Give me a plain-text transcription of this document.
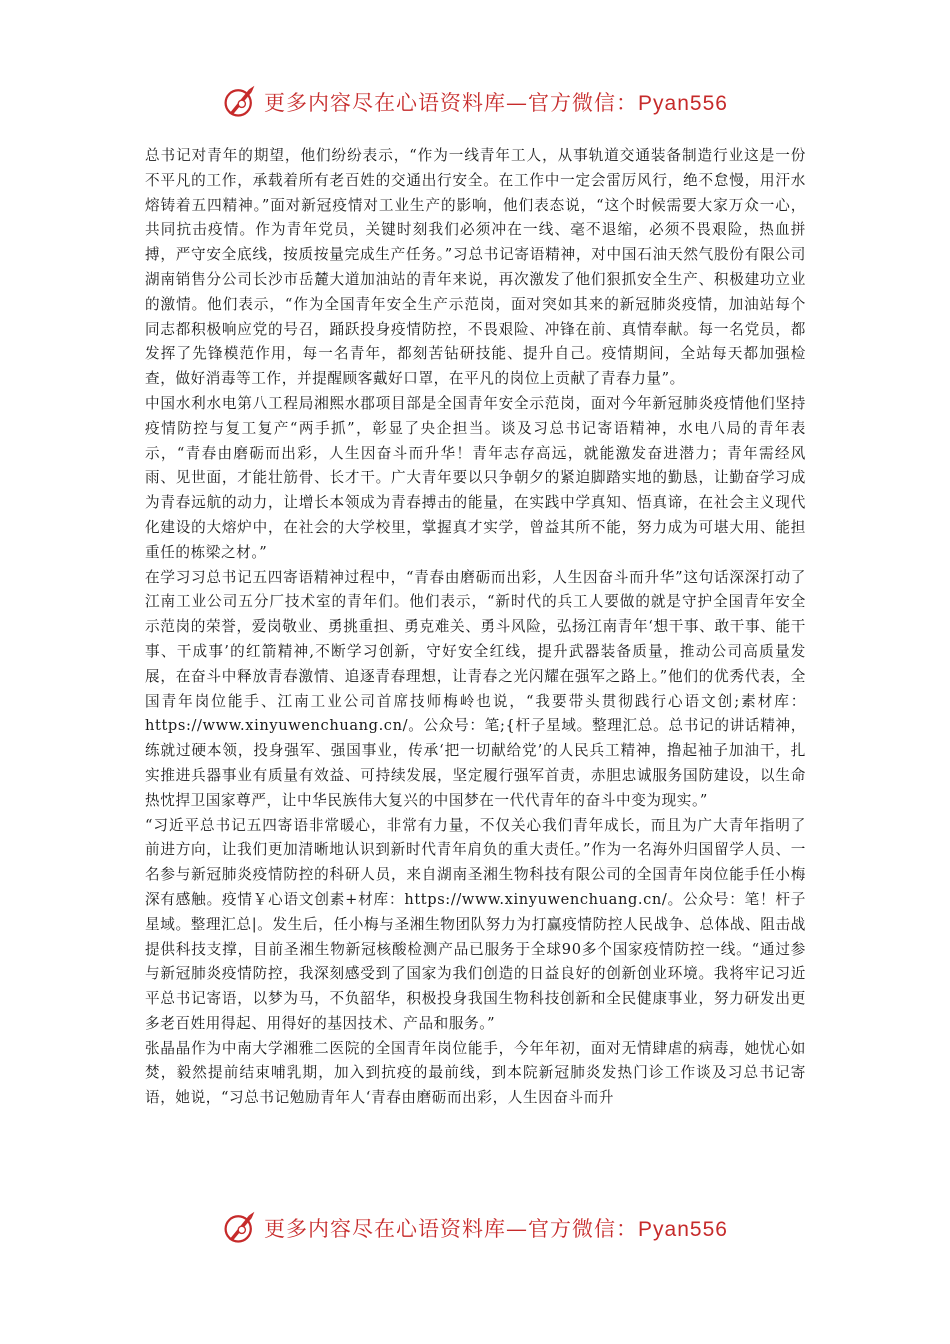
更多内容尽在心语资料库—官方微信：Pyan556

总书记对青年的期望，他们纷纷表示，“作为一线青年工人，从事轨道交通装备制造行业这是一份不平凡的工作，承载着所有老百姓的交通出行安全。在工作中一定会雷厉风行，绝不怠慢，用汗水熔铸着五四精神。”面对新冠疫情对工业生产的影响，他们表态说，“这个时候需要大家万众一心，共同抗击疫情。作为青年党员，关键时刻我们必须冲在一线、毫不退缩，必须不畏艰险，热血拼搏，严守安全底线，按质按量完成生产任务。”习总书记寄语精神，对中国石油天然气股份有限公司湖南销售分公司长沙市岳麓大道加油站的青年来说，再次激发了他们狠抓安全生产、积极建功立业的激情。他们表示，“作为全国青年安全生产示范岗，面对突如其来的新冠肺炎疫情，加油站每个同志都积极响应党的号召，踊跃投身疫情防控，不畏艰险、冲锋在前、真情奉献。每一名党员，都发挥了先锋模范作用，每一名青年，都刻苦钻研技能、提升自己。疫情期间，全站每天都加强检查，做好消毒等工作，并提醒顾客戴好口罩，在平凡的岗位上贡献了青春力量”。

中国水利水电第八工程局湘熙水郡项目部是全国青年安全示范岗，面对今年新冠肺炎疫情他们坚持疫情防控与复工复产“两手抓”，彰显了央企担当。谈及习总书记寄语精神，水电八局的青年表示，“青春由磨砺而出彩，人生因奋斗而升华！青年志存高远，就能激发奋进潜力；青年需经风雨、见世面，才能壮筋骨、长才干。广大青年要以只争朝夕的紧迫脚踏实地的勤恳，让勤奋学习成为青春远航的动力，让增长本领成为青春搏击的能量，在实践中学真知、悟真谛，在社会主义现代化建设的大熔炉中，在社会的大学校里，掌握真才实学，曾益其所不能，努力成为可堪大用、能担重任的栋梁之材。”

在学习习总书记五四寄语精神过程中，“青春由磨砺而出彩，人生因奋斗而升华”这句话深深打动了江南工业公司五分厂技术室的青年们。他们表示，“新时代的兵工人要做的就是守护全国青年安全示范岗的荣誉，爱岗敬业、勇挑重担、勇克难关、勇斗风险，弘扬江南青年‘想干事、敢干事、能干事、干成事’的红箭精神,不断学习创新，守好安全红线，提升武器装备质量，推动公司高质量发展，在奋斗中释放青春激情、追逐青春理想，让青春之光闪耀在强军之路上。”他们的优秀代表，全国青年岗位能手、江南工业公司首席技师梅岭也说，“我要带头贯彻践行心语文创;素材库：https://www.xinyuwenchuang.cn/。公众号：笔;{杆子星域。整理汇总。总书记的讲话精神，练就过硬本领，投身强军、强国事业，传承‘把一切献给党’的人民兵工精神，撸起袖子加油干，扎实推进兵器事业有质量有效益、可持续发展，坚定履行强军首责，赤胆忠诚服务国防建设，以生命热忱捍卫国家尊严，让中华民族伟大复兴的中国梦在一代代青年的奋斗中变为现实。”

“习近平总书记五四寄语非常暖心，非常有力量，不仅关心我们青年成长，而且为广大青年指明了前进方向，让我们更加清晰地认识到新时代青年肩负的重大责任。”作为一名海外归国留学人员、一名参与新冠肺炎疫情防控的科研人员，来自湖南圣湘生物科技有限公司的全国青年岗位能手任小梅深有感触。疫情￥心语文创素+材库：https://www.xinyuwenchuang.cn/。公众号：笔！杆子星域。整理汇总|。发生后，任小梅与圣湘生物团队努力为打赢疫情防控人民战争、总体战、阻击战提供科技支撑，目前圣湘生物新冠核酸检测产品已服务于全球90多个国家疫情防控一线。“通过参与新冠肺炎疫情防控，我深刻感受到了国家为我们创造的日益良好的创新创业环境。我将牢记习近平总书记寄语，以梦为马，不负韶华，积极投身我国生物科技创新和全民健康事业，努力研发出更多老百姓用得起、用得好的基因技术、产品和服务。”

张晶晶作为中南大学湘雅二医院的全国青年岗位能手，今年年初，面对无情肆虐的病毒，她忧心如焚，毅然提前结束哺乳期，加入到抗疫的最前线，到本院新冠肺炎发热门诊工作谈及习总书记寄语，她说，“习总书记勉励青年人‘青春由磨砺而出彩，人生因奋斗而升

更多内容尽在心语资料库—官方微信：Pyan556
